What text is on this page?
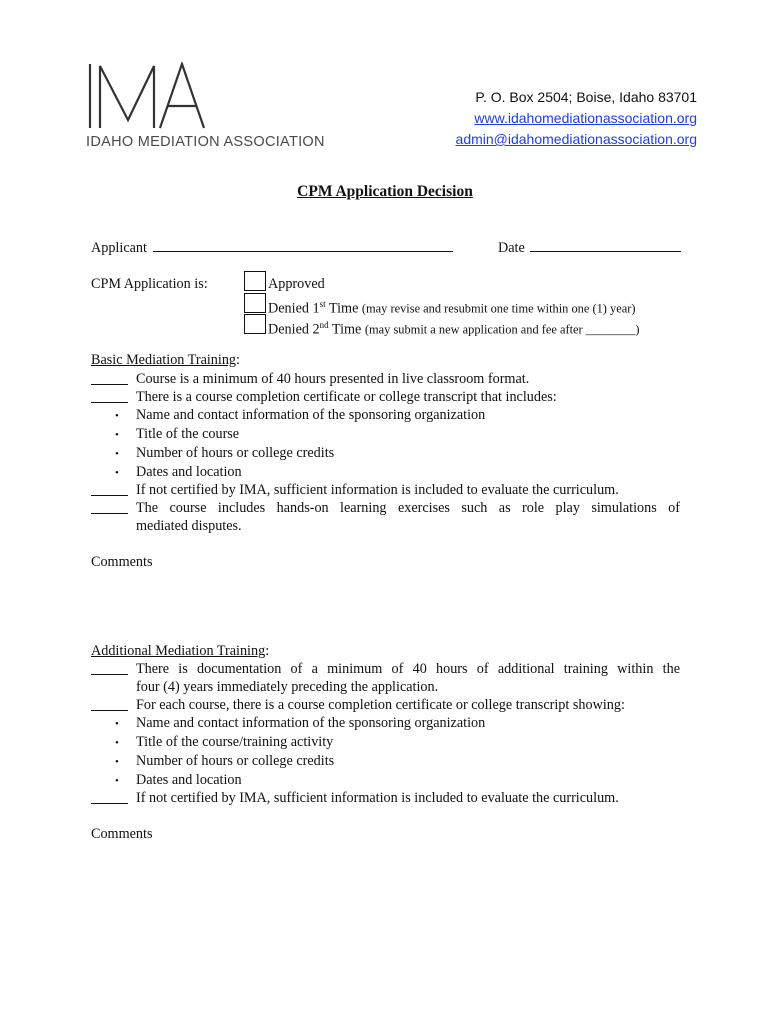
IDAHO MEDIATION ASSOCIATION
P. O. Box 2504; Boise, Idaho 83701
www.idahomediationassociation.org
admin@idahomediationassociation.org
CPM Application Decision
Applicant	Date
CPM Application is:	Approved
Denied 1st Time (may revise and resubmit one time within one (1) year)
Denied 2nd Time (may submit a new application and fee after ________)
Basic Mediation Training:
Course is a minimum of 40 hours presented in live classroom format.
There is a course completion certificate or college transcript that includes:
• Name and contact information of the sponsoring organization
• Title of the course
• Number of hours or college credits
• Dates and location
If not certified by IMA, sufficient information is included to evaluate the curriculum.
The course includes hands-on learning exercises such as role play simulations of
mediated disputes.
Comments
Additional Mediation Training:
There is documentation of a minimum of 40 hours of additional training within the
four (4) years immediately preceding the application.
For each course, there is a course completion certificate or college transcript showing:
• Name and contact information of the sponsoring organization
• Title of the course/training activity
• Number of hours or college credits
• Dates and location
If not certified by IMA, sufficient information is included to evaluate the curriculum.
Comments
